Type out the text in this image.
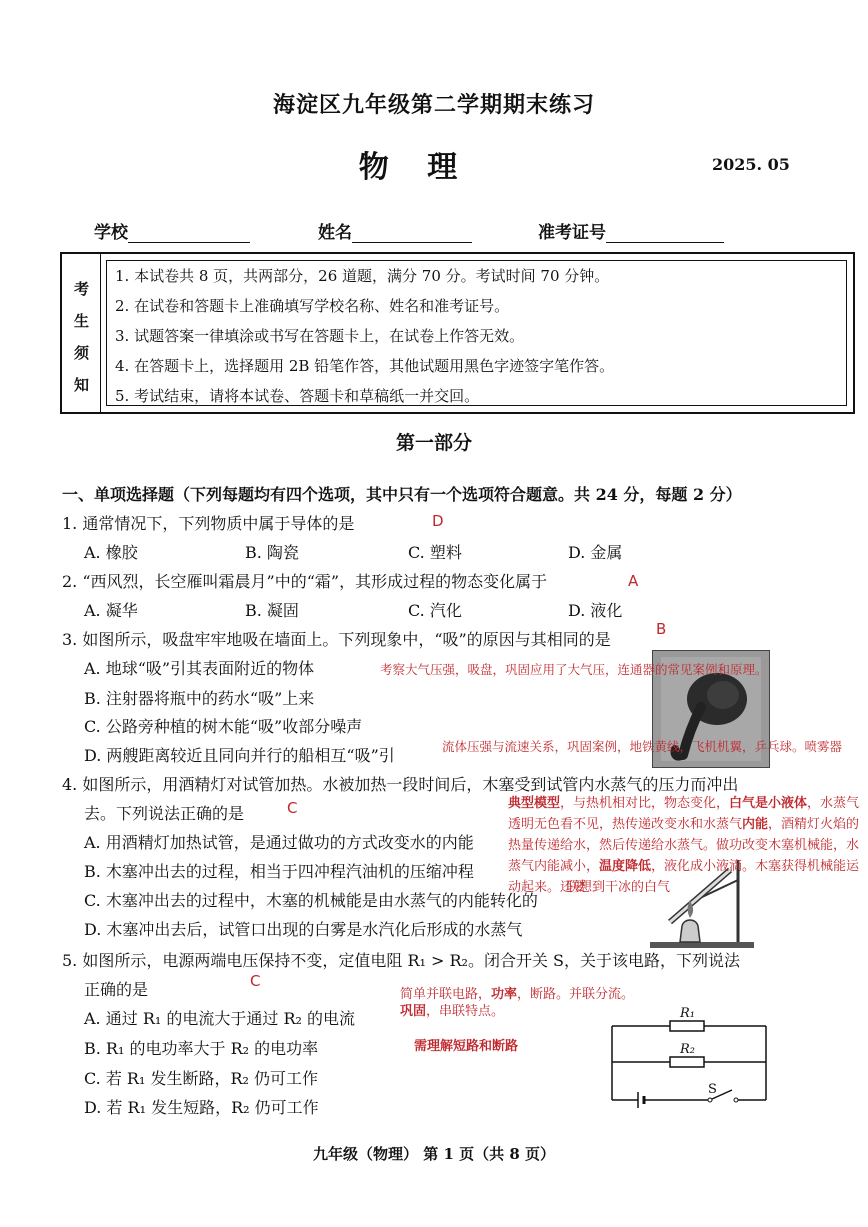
海淀区九年级第二学期期末练习
物 理	2025. 05
学校	姓名	准考证号
考
生
须
知
1. 本试卷共 8 页，共两部分，26 道题，满分 70 分。考试时间 70 分钟。
2. 在试卷和答题卡上准确填写学校名称、姓名和准考证号。
3. 试题答案一律填涂或书写在答题卡上，在试卷上作答无效。
4. 在答题卡上，选择题用 2B 铅笔作答，其他试题用黑色字迹签字笔作答。
5. 考试结束，请将本试卷、答题卡和草稿纸一并交回。
第一部分
一、单项选择题（下列每题均有四个选项，其中只有一个选项符合题意。共 24 分，每题 2 分）
1. 通常情况下，下列物质中属于导体的是	D
A. 橡胶	B. 陶瓷	C. 塑料	D. 金属
2. “西风烈，长空雁叫霜晨月”中的“霜”，其形成过程的物态变化属于	A
A. 凝华	B. 凝固	C. 汽化	D. 液化
3. 如图所示，吸盘牢牢地吸在墙面上。下列现象中，“吸”的原因与其相同的是
B
A. 地球“吸”引其表面附近的物体
B. 注射器将瓶中的药水“吸”上来
C. 公路旁种植的树木能“吸”收部分噪声
D. 两艘距离较近且同向并行的船相互“吸”引
考察大气压强，吸盘，巩固应用了大气压，连通器的常见案例和原理。
流体压强与流速关系，巩固案例，地铁黄线，飞机机翼，乒乓球。喷雾器
4. 如图所示，用酒精灯对试管加热。水被加热一段时间后，木塞受到试管内水蒸气的压力而冲出
去。下列说法正确的是	C
A. 用酒精灯加热试管，是通过做功的方式改变水的内能
B. 木塞冲出去的过程，相当于四冲程汽油机的压缩冲程
C. 木塞冲出去的过程中，木塞的机械能是由水蒸气的内能转化的
D. 木塞冲出去后，试管口出现的白雾是水汽化后形成的水蒸气
典型模型，与热机相对比，物态变化，白气是小液体，水蒸气透明无色看不见，热传递改变水和水蒸气内能，酒精灯火焰的热量传递给水，然后传递给水蒸气。做功改变木塞机械能，水蒸气内能减小，温度降低，液化成小液滴。木塞获得机械能运动起来。还要
联想到干冰的白气
5. 如图所示，电源两端电压保持不变，定值电阻 R₁ > R₂。闭合开关 S，关于该电路，下列说法
正确的是	C
A. 通过 R₁ 的电流大于通过 R₂ 的电流
B. R₁ 的电功率大于 R₂ 的电功率
C. 若 R₁ 发生断路，R₂ 仍可工作
D. 若 R₁ 发生短路，R₂ 仍可工作
简单并联电路，功率，断路。并联分流。
巩固，串联特点。
需理解短路和断路
R₁
R₂
S
九年级（物理） 第 1 页（共 8 页）
